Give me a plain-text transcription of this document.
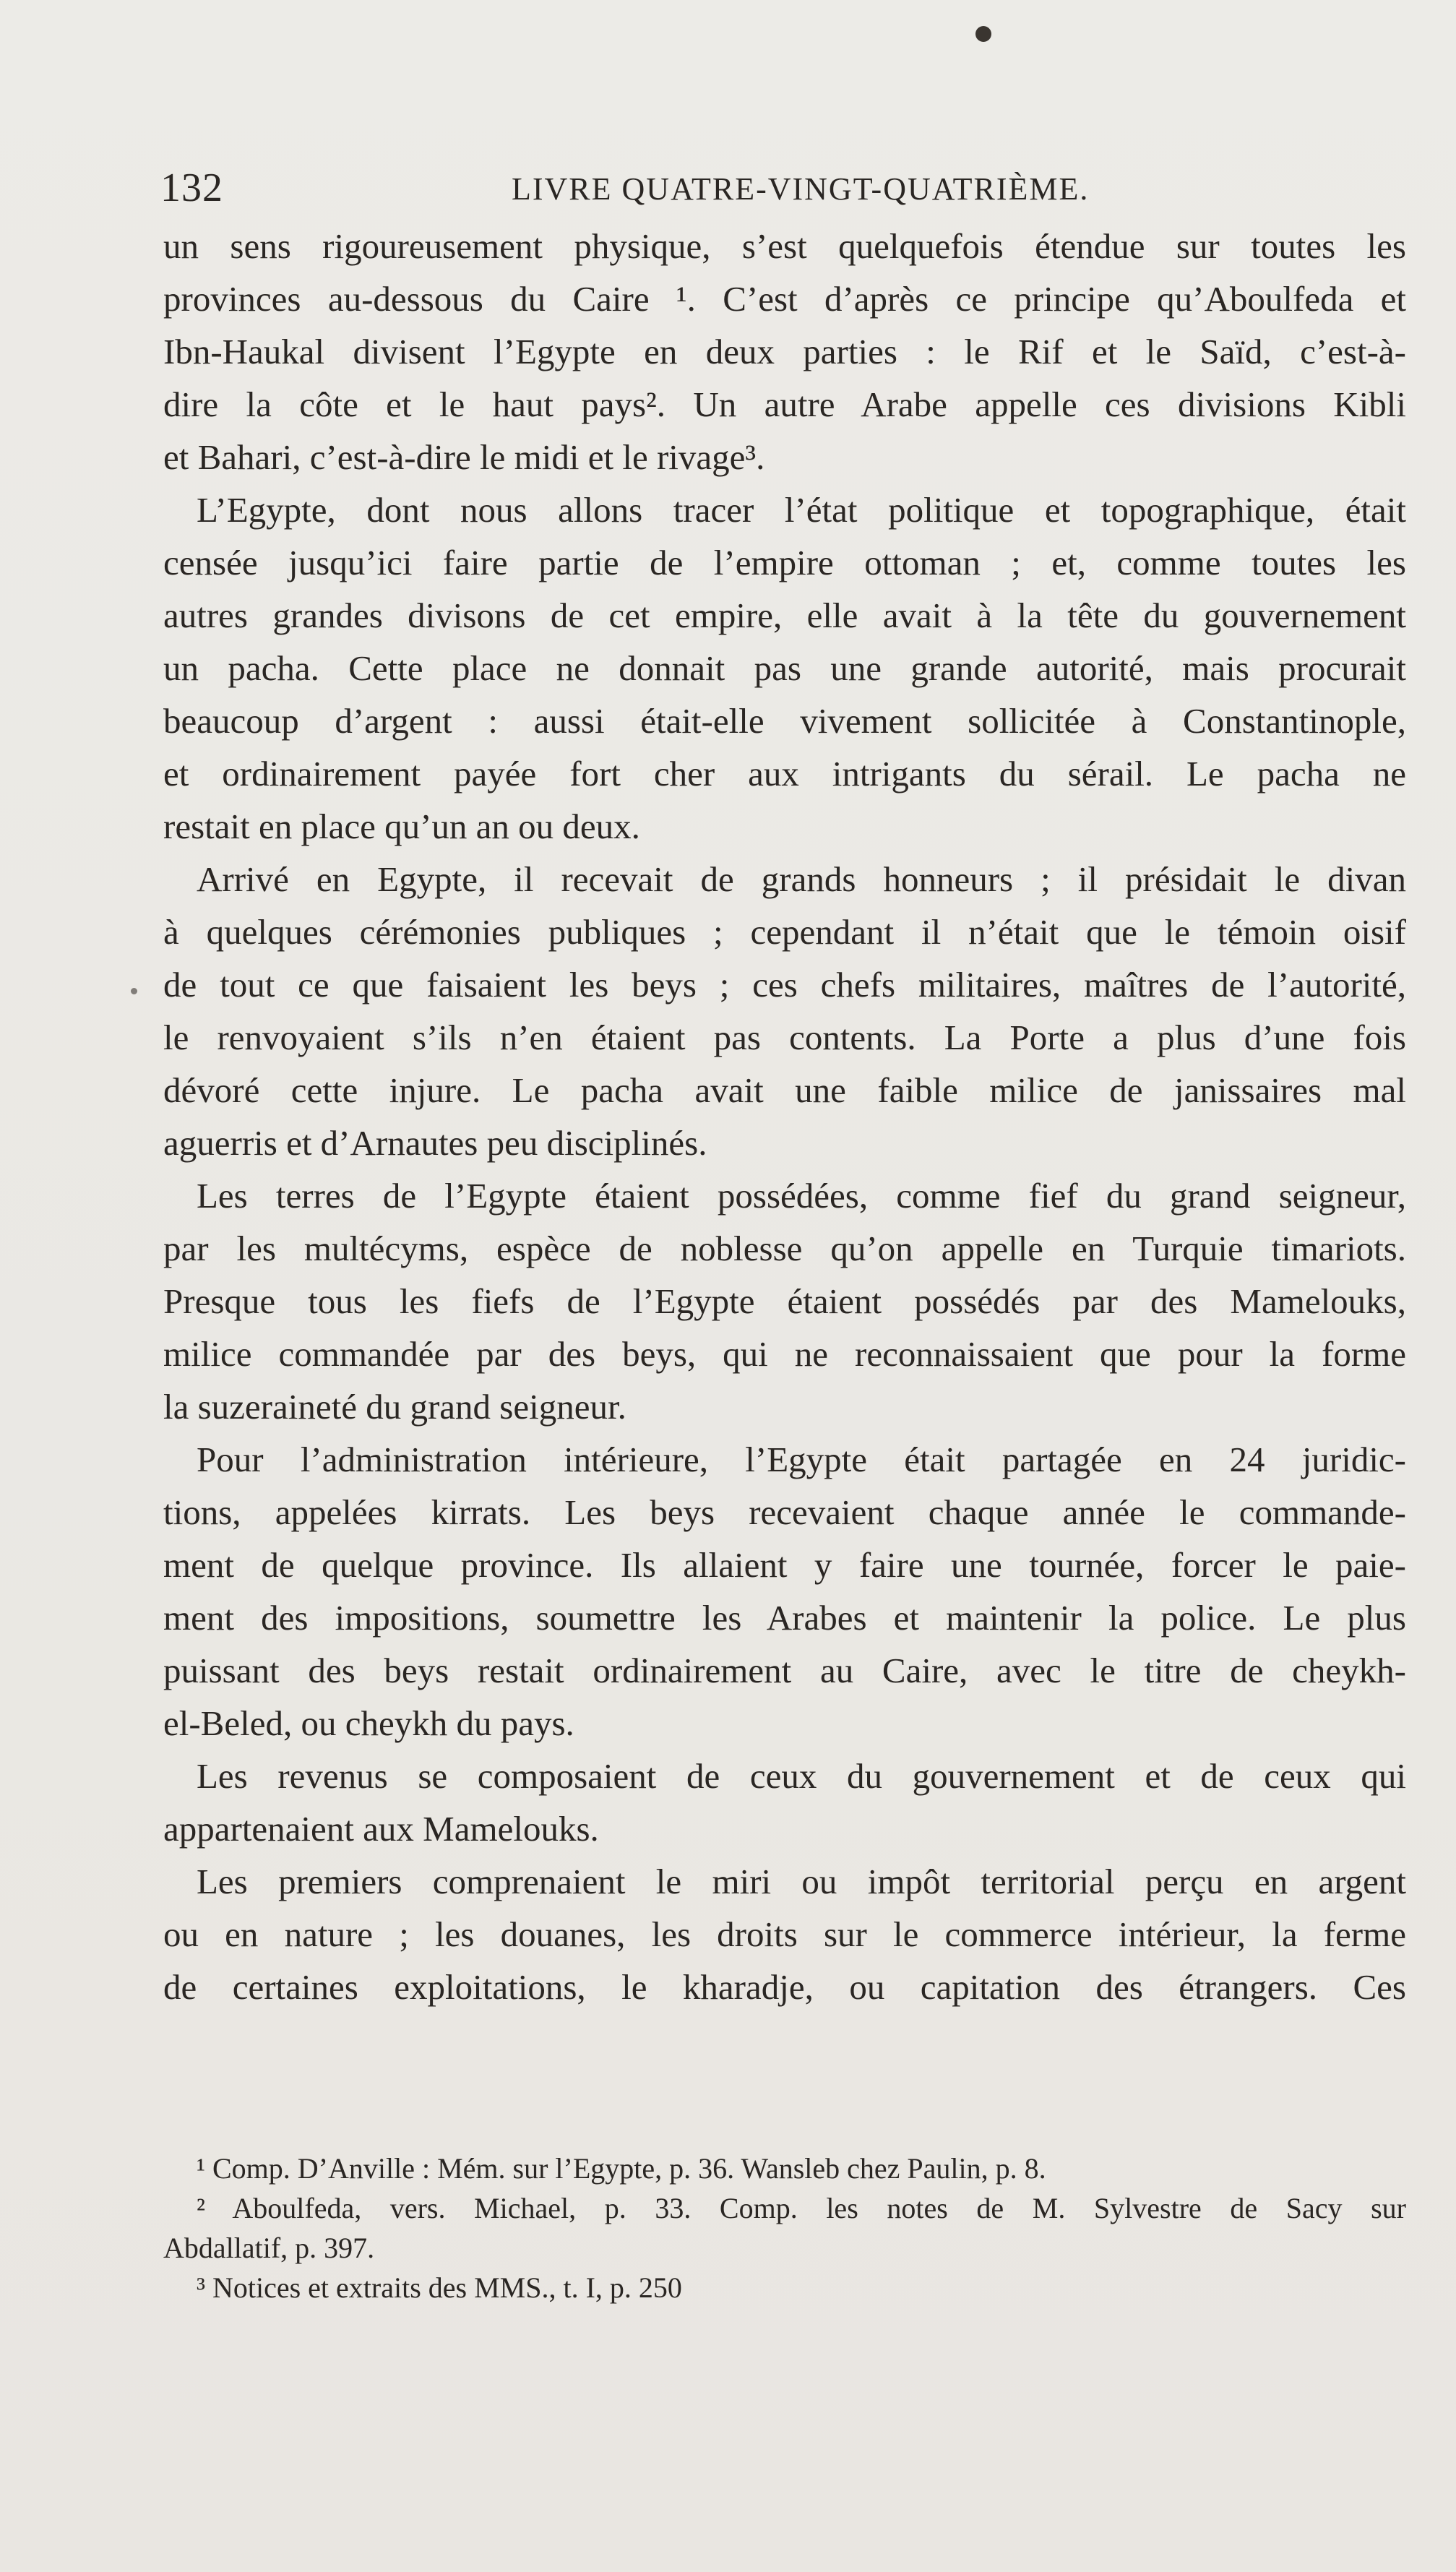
132	LIVRE QUATRE-VINGT-QUATRIÈME.
un sens rigoureusement physique, s’est quelquefois étendue sur toutes les
provinces au-dessous du Caire ¹. C’est d’après ce principe qu’Aboulfeda et
Ibn-Haukal divisent l’Egypte en deux parties : le Rif et le Saïd, c’est-à-
dire la côte et le haut pays². Un autre Arabe appelle ces divisions Kibli
et Bahari, c’est-à-dire le midi et le rivage³.
L’Egypte, dont nous allons tracer l’état politique et topographique, était
censée jusqu’ici faire partie de l’empire ottoman ; et, comme toutes les
autres grandes divisons de cet empire, elle avait à la tête du gouvernement
un pacha. Cette place ne donnait pas une grande autorité, mais procurait
beaucoup d’argent : aussi était-elle vivement sollicitée à Constantinople,
et ordinairement payée fort cher aux intrigants du sérail. Le pacha ne
restait en place qu’un an ou deux.
Arrivé en Egypte, il recevait de grands honneurs ; il présidait le divan
à quelques cérémonies publiques ; cependant il n’était que le témoin oisif
de tout ce que faisaient les beys ; ces chefs militaires, maîtres de l’autorité,
le renvoyaient s’ils n’en étaient pas contents. La Porte a plus d’une fois
dévoré cette injure. Le pacha avait une faible milice de janissaires mal
aguerris et d’Arnautes peu disciplinés.
Les terres de l’Egypte étaient possédées, comme fief du grand seigneur,
par les multécyms, espèce de noblesse qu’on appelle en Turquie timariots.
Presque tous les fiefs de l’Egypte étaient possédés par des Mamelouks,
milice commandée par des beys, qui ne reconnaissaient que pour la forme
la suzeraineté du grand seigneur.
Pour l’administration intérieure, l’Egypte était partagée en 24 juridic-
tions, appelées kirrats. Les beys recevaient chaque année le commande-
ment de quelque province. Ils allaient y faire une tournée, forcer le paie-
ment des impositions, soumettre les Arabes et maintenir la police. Le plus
puissant des beys restait ordinairement au Caire, avec le titre de cheykh-
el-Beled, ou cheykh du pays.
Les revenus se composaient de ceux du gouvernement et de ceux qui
appartenaient aux Mamelouks.
Les premiers comprenaient le miri ou impôt territorial perçu en argent
ou en nature ; les douanes, les droits sur le commerce intérieur, la ferme
de certaines exploitations, le kharadje, ou capitation des étrangers. Ces
¹ Comp. D’Anville : Mém. sur l’Egypte, p. 36. Wansleb chez Paulin, p. 8.
² Aboulfeda, vers. Michael, p. 33. Comp. les notes de M. Sylvestre de Sacy sur
Abdallatif, p. 397.
³ Notices et extraits des MMS., t. I, p. 250
